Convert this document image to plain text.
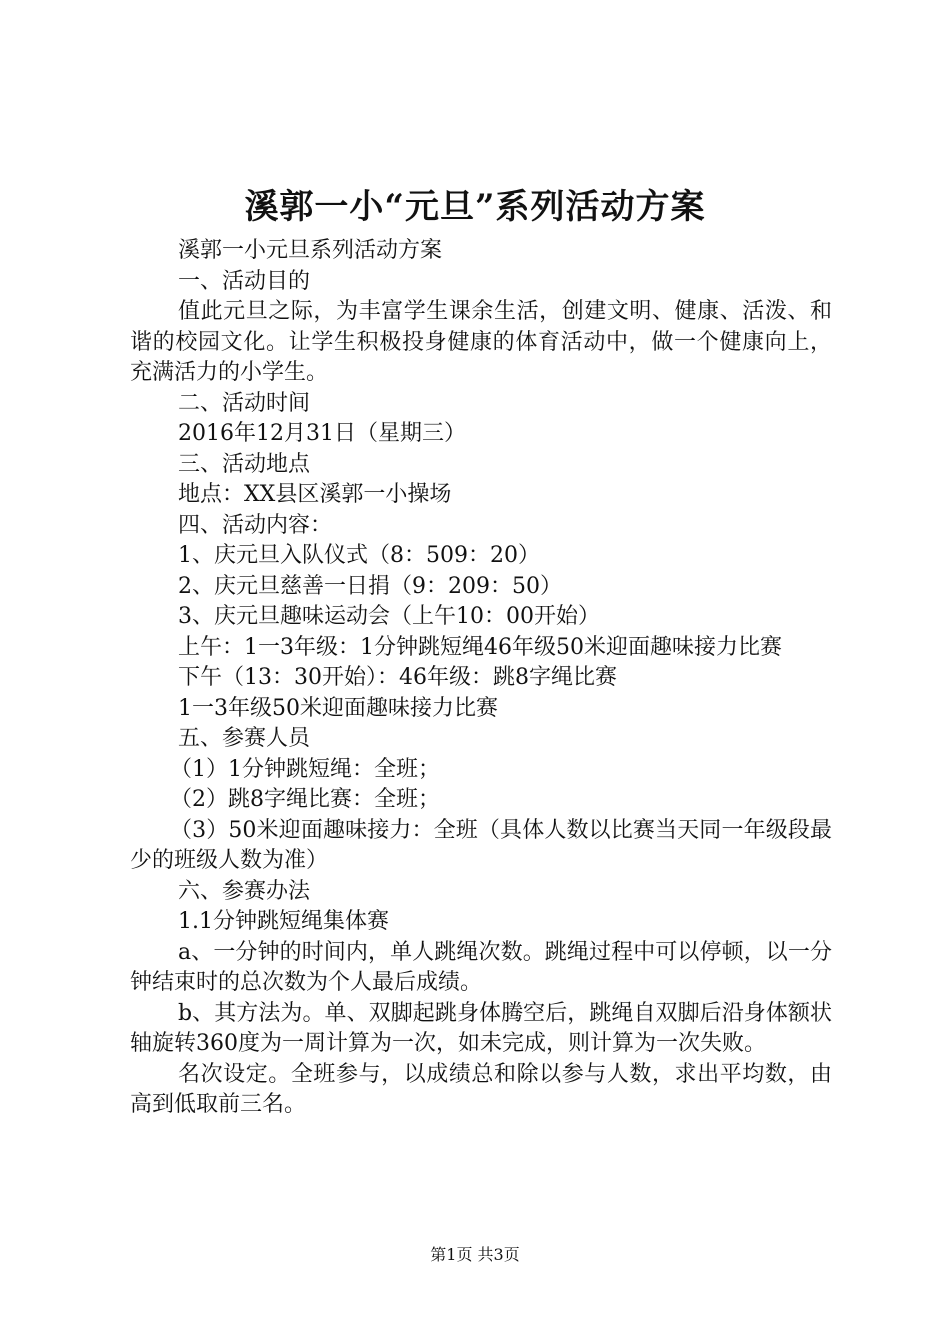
溪郭一小“元旦”系列活动方案

溪郭一小元旦系列活动方案

一、活动目的

值此元旦之际，为丰富学生课余生活，创建文明、健康、活泼、和谐的校园文化。让学生积极投身健康的体育活动中，做一个健康向上，充满活力的小学生。

二、活动时间

2016年12月31日（星期三）

三、活动地点

地点：XX县区溪郭一小操场

四、活动内容：

1、庆元旦入队仪式（8：509：20）

2、庆元旦慈善一日捐（9：209：50）

3、庆元旦趣味运动会（上午10：00开始）

上午：1一3年级：1分钟跳短绳46年级50米迎面趣味接力比赛

下午（13：30开始）：46年级：跳8字绳比赛

1一3年级50米迎面趣味接力比赛

五、参赛人员

（1）1分钟跳短绳：全班；

（2）跳8字绳比赛：全班；

（3）50米迎面趣味接力：全班（具体人数以比赛当天同一年级段最少的班级人数为准）

六、参赛办法

1.1分钟跳短绳集体赛

a、一分钟的时间内，单人跳绳次数。跳绳过程中可以停顿，以一分钟结束时的总次数为个人最后成绩。

b、其方法为。单、双脚起跳身体腾空后，跳绳自双脚后沿身体额状轴旋转360度为一周计算为一次，如未完成，则计算为一次失败。

名次设定。全班参与，以成绩总和除以参与人数，求出平均数，由高到低取前三名。

第1页 共3页
